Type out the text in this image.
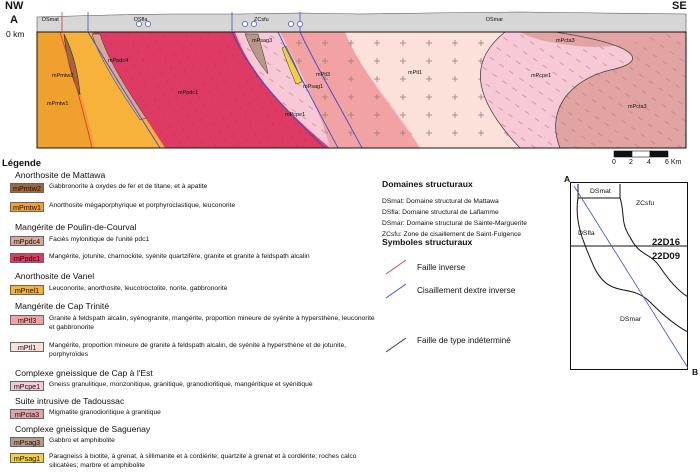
NW	SE
A
0 km
DSmat	DSfla	ZCsfu	DSmar
mPmtw2
mPmtw1
mPpdc4
mPpdc1
mPsag3
mPsag1
mPtl3
mPcpe1
mPtl1
mPcta3
mPcpe1
mPcta3
0 2 4 6 Km
Légende
Anorthosite de Mattawa
mPmtw2	Gabbronorite à oxydes de fer et de titane, et à apatite
mPmtw1	Anorthosite mégaporphyrique et porphyroclastique, leuconorite
Mangérite de Poulin-de-Courval
mPpdc4	Faciès mylonitique de l'unité pdc1
mPpdc1	Mangérite, jotunite, charnockite, syénite quartzifère, granite et granite à feldspath alcalin
Anorthosite de Vanel
mPnel1	Leuconorite, anorthosite, leucotroctolite, norite, gabbronorite
Mangérite de Cap Trinité
mPtl3	Granite à feldspath alcalin, syénogranite, mangérite, proportion mineure de syénite à hypersthène, leuconorite et gabbronorite
mPtl1	Mangérite, proportion mineure de granite à feldspath alcalin, de syénite à hypersthène et de jotunite, porphyroïdes
Complexe gneissique de Cap à l'Est
mPcpe1	Gneiss granulitique, monzonitique, granitique, granodioritique, mangéritique et syénitique
Suite intrusive de Tadoussac
mPcta3	Migmatite granodioritique à granitique
Complexe gneissique de Saguenay
mPsag3	Gabbro et amphibolite
mPsag1	Paragneiss à biotite, à grenat, à sillimanite et à cordiérite; quartzite à grenat et à cordiérite; roches calco silicatées; marbre et amphibolite
Domaines structuraux
DSmat: Domaine structural de Mattawa
DSfla: Domaine structural de Laflamme
DSmar: Domaine structural de Sainte-Marguerite
ZCsfu: Zone de cisaillement de Saint-Fulgence
Symboles structuraux
Faille inverse
Cisaillement dextre inverse
Faille de type indéterminé
A
B
DSmat
ZCsfu
DSfla
DSmar
22D16
22D09
